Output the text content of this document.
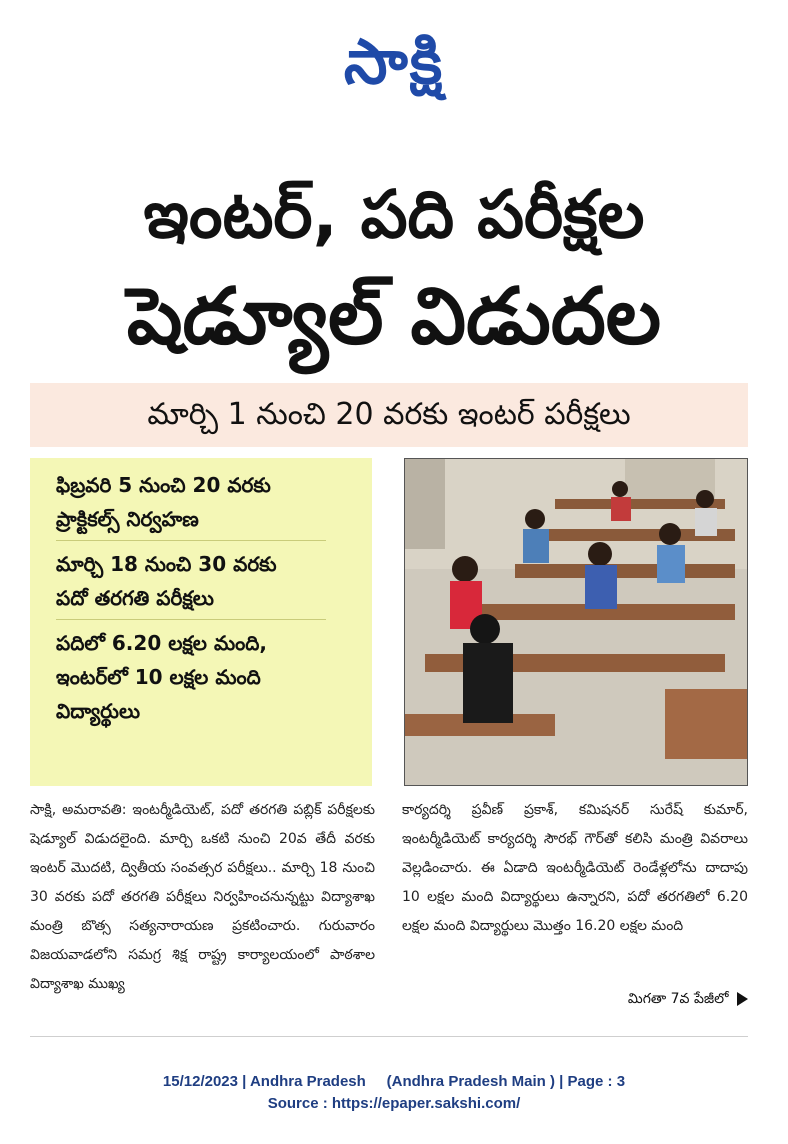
సాక్షి
ఇంటర్, పది పరీక్షల
షెడ్యూల్ విడుదల
మార్చి 1 నుంచి 20 వరకు ఇంటర్ పరీక్షలు
ఫిబ్రవరి 5 నుంచి 20 వరకు
ప్రాక్టికల్స్ నిర్వహణ
మార్చి 18 నుంచి 30 వరకు
పదో తరగతి పరీక్షలు
పదిలో 6.20 లక్షల మంది,
ఇంటర్‌లో 10 లక్షల మంది
విద్యార్థులు
సాక్షి, అమరావతి: ఇంటర్మీడియెట్, పదో తరగతి పబ్లిక్ పరీక్షలకు షెడ్యూల్ విడుదలైంది. మార్చి ఒకటి నుంచి 20వ తేదీ వరకు ఇంటర్ మొదటి, ద్వితీయ సంవత్సర పరీక్షలు.. మార్చి 18 నుంచి 30 వరకు పదో తరగతి పరీక్షలు నిర్వహించనున్నట్టు విద్యాశాఖ మంత్రి బొత్స సత్యనారాయణ ప్రకటించారు. గురువారం విజయవాడలోని సమగ్ర శిక్ష రాష్ట్ర కార్యాలయంలో పాఠశాల విద్యాశాఖ ముఖ్య
కార్యదర్శి ప్రవీణ్ ప్రకాశ్, కమిషనర్ సురేష్ కుమార్, ఇంటర్మీడియెట్ కార్యదర్శి సౌరభ్ గౌర్‌తో కలిసి మంత్రి వివరాలు వెల్లడించారు. ఈ ఏడాది ఇంటర్మీడియెట్ రెండేళ్లలోను దాదాపు 10 లక్షల మంది విద్యార్థులు ఉన్నారని, పదో తరగతిలో 6.20 లక్షల మంది విద్యార్థులు మొత్తం 16.20 లక్షల మంది
మిగతా 7వ పేజీలో
15/12/2023 | Andhra Pradesh     (Andhra Pradesh Main ) | Page : 3
Source : https://epaper.sakshi.com/
